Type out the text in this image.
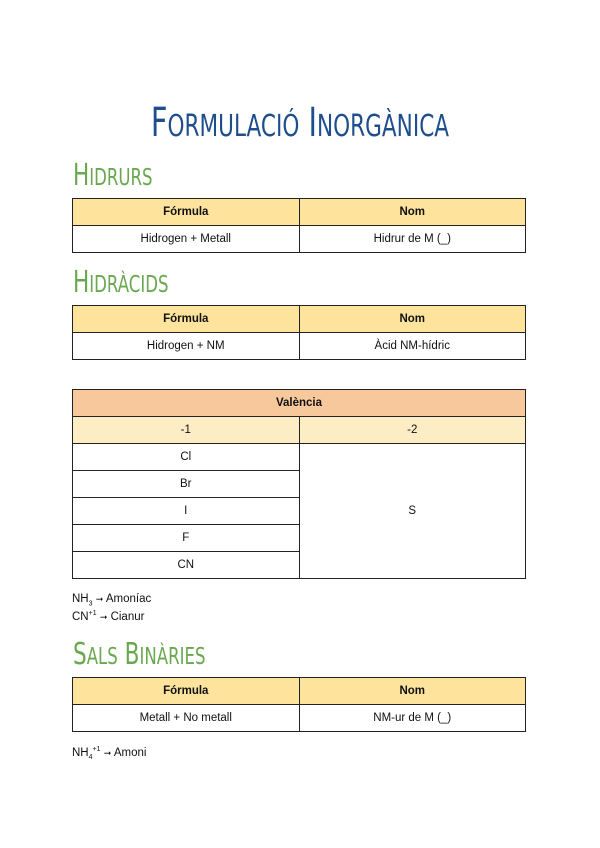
FORMULACIÓ INORGÀNICA
HIDRURS
Fórmula	Nom
Hidrogen + Metall	Hidrur de M (_)
HIDRÀCIDS
Fórmula	Nom
Hidrogen + NM	Àcid NM-hídric
València	
-1	-2
Cl	S
Br	
I	
F	
CN	
$NH_3$ ➞ Amoníac
$CN^{+1}$ ➞ Cianur
SALS BINÀRIES
Fórmula	Nom
Metall + No metall	NM-ur de M (_)
$NH_4^{+1}$ ➞ Amoni
